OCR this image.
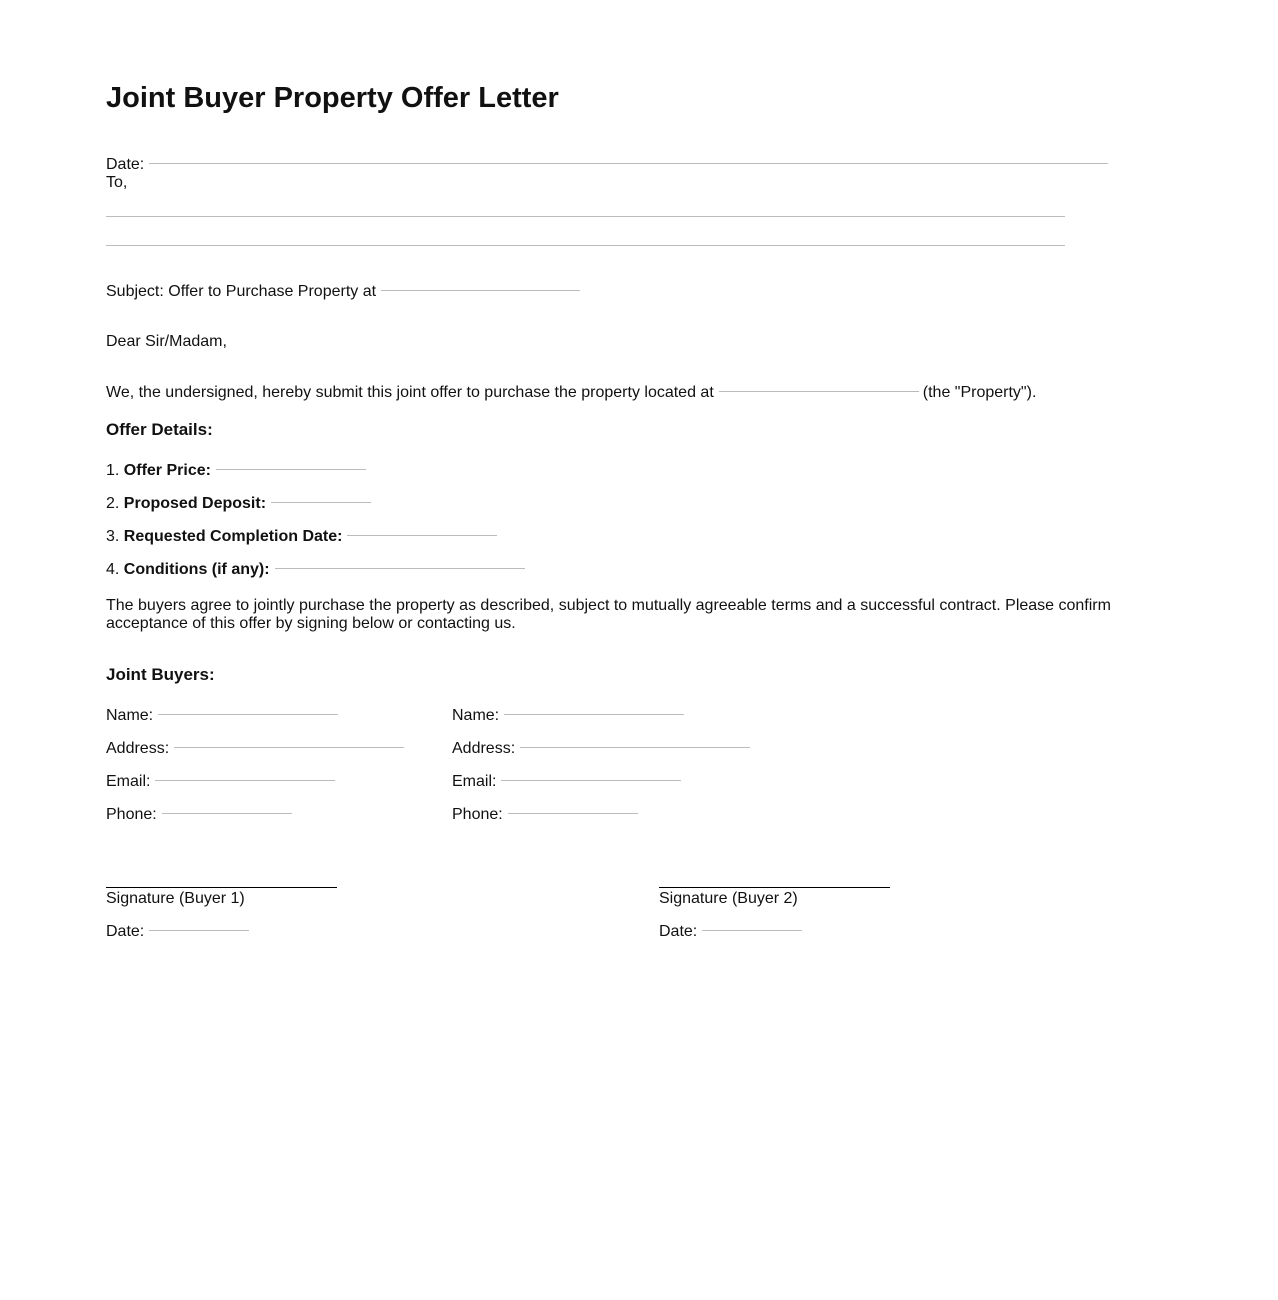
Joint Buyer Property Offer Letter
Date:
To,
Subject: Offer to Purchase Property at
Dear Sir/Madam,
We, the undersigned, hereby submit this joint offer to purchase the property located at	(the "Property").
Offer Details:
1. Offer Price:
2. Proposed Deposit:
3. Requested Completion Date:
4. Conditions (if any):
The buyers agree to jointly purchase the property as described, subject to mutually agreeable terms and a successful contract. Please confirm acceptance of this offer by signing below or contacting us.
Joint Buyers:
Name:
Address:
Email:
Phone:
Name:
Address:
Email:
Phone:
Signature (Buyer 1)
Date:
Signature (Buyer 2)
Date:
